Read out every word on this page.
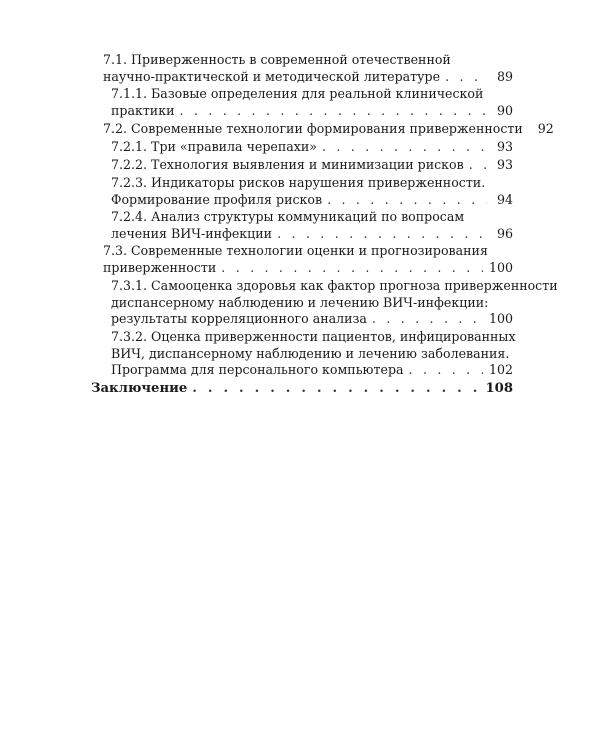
7.1. Приверженность в современной отечественной
научно-практической и методической литературе . . .	89
7.1.1. Базовые определения для реальной клинической
практики . . .	90
7.2. Современные технологии формирования приверженности	92
7.2.1. Три «правила черепахи» . . .	93
7.2.2. Технология выявления и минимизации рисков . . .	93
7.2.3. Индикаторы рисков нарушения приверженности.
Формирование профиля рисков . . .	94
7.2.4. Анализ структуры коммуникаций по вопросам
лечения ВИЧ-инфекции . . .	96
7.3. Современные технологии оценки и прогнозирования
приверженности . . .	100
7.3.1. Самооценка здоровья как фактор прогноза приверженности
диспансерному наблюдению и лечению ВИЧ-инфекции:
результаты корреляционного анализа . . .	100
7.3.2. Оценка приверженности пациентов, инфицированных
ВИЧ, диспансерному наблюдению и лечению заболевания.
Программа для персонального компьютера . . .	102
Заключение . . .	108
